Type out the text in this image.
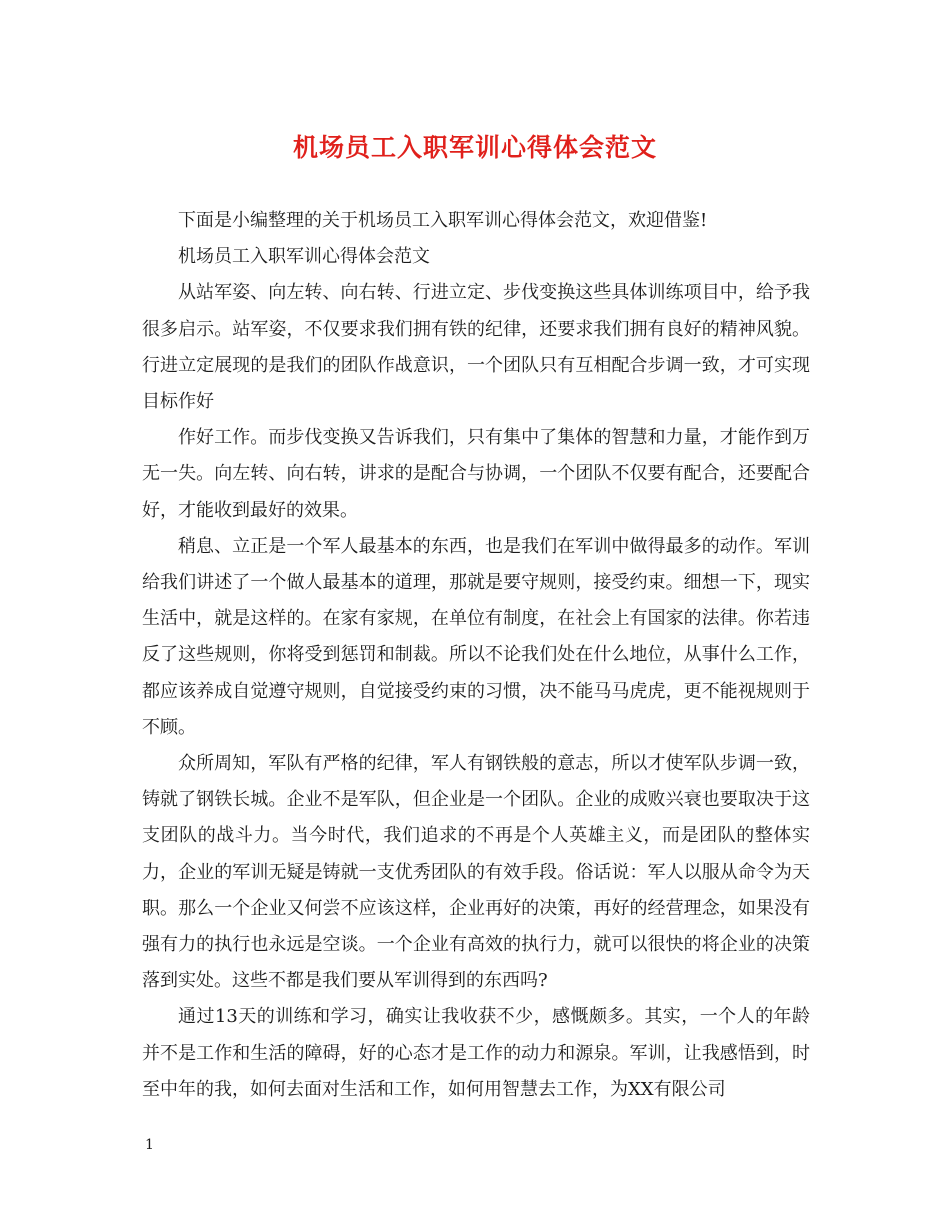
机场员工入职军训心得体会范文

下面是小编整理的关于机场员工入职军训心得体会范文，欢迎借鉴!

机场员工入职军训心得体会范文

从站军姿、向左转、向右转、行进立定、步伐变换这些具体训练项目中，给予我很多启示。站军姿，不仅要求我们拥有铁的纪律，还要求我们拥有良好的精神风貌。行进立定展现的是我们的团队作战意识，一个团队只有互相配合步调一致，才可实现目标作好

作好工作。而步伐变换又告诉我们，只有集中了集体的智慧和力量，才能作到万无一失。向左转、向右转，讲求的是配合与协调，一个团队不仅要有配合，还要配合好，才能收到最好的效果。

稍息、立正是一个军人最基本的东西，也是我们在军训中做得最多的动作。军训给我们讲述了一个做人最基本的道理，那就是要守规则，接受约束。细想一下，现实生活中，就是这样的。在家有家规，在单位有制度，在社会上有国家的法律。你若违反了这些规则，你将受到惩罚和制裁。所以不论我们处在什么地位，从事什么工作，都应该养成自觉遵守规则，自觉接受约束的习惯，决不能马马虎虎，更不能视规则于不顾。

众所周知，军队有严格的纪律，军人有钢铁般的意志，所以才使军队步调一致，铸就了钢铁长城。企业不是军队，但企业是一个团队。企业的成败兴衰也要取决于这支团队的战斗力。当今时代，我们追求的不再是个人英雄主义，而是团队的整体实力，企业的军训无疑是铸就一支优秀团队的有效手段。俗话说：军人以服从命令为天职。那么一个企业又何尝不应该这样，企业再好的决策，再好的经营理念，如果没有强有力的执行也永远是空谈。一个企业有高效的执行力，就可以很快的将企业的决策落到实处。这些不都是我们要从军训得到的东西吗?

通过13天的训练和学习，确实让我收获不少，感慨颇多。其实，一个人的年龄并不是工作和生活的障碍，好的心态才是工作的动力和源泉。军训，让我感悟到，时至中年的我，如何去面对生活和工作，如何用智慧去工作，为XX有限公司

1
